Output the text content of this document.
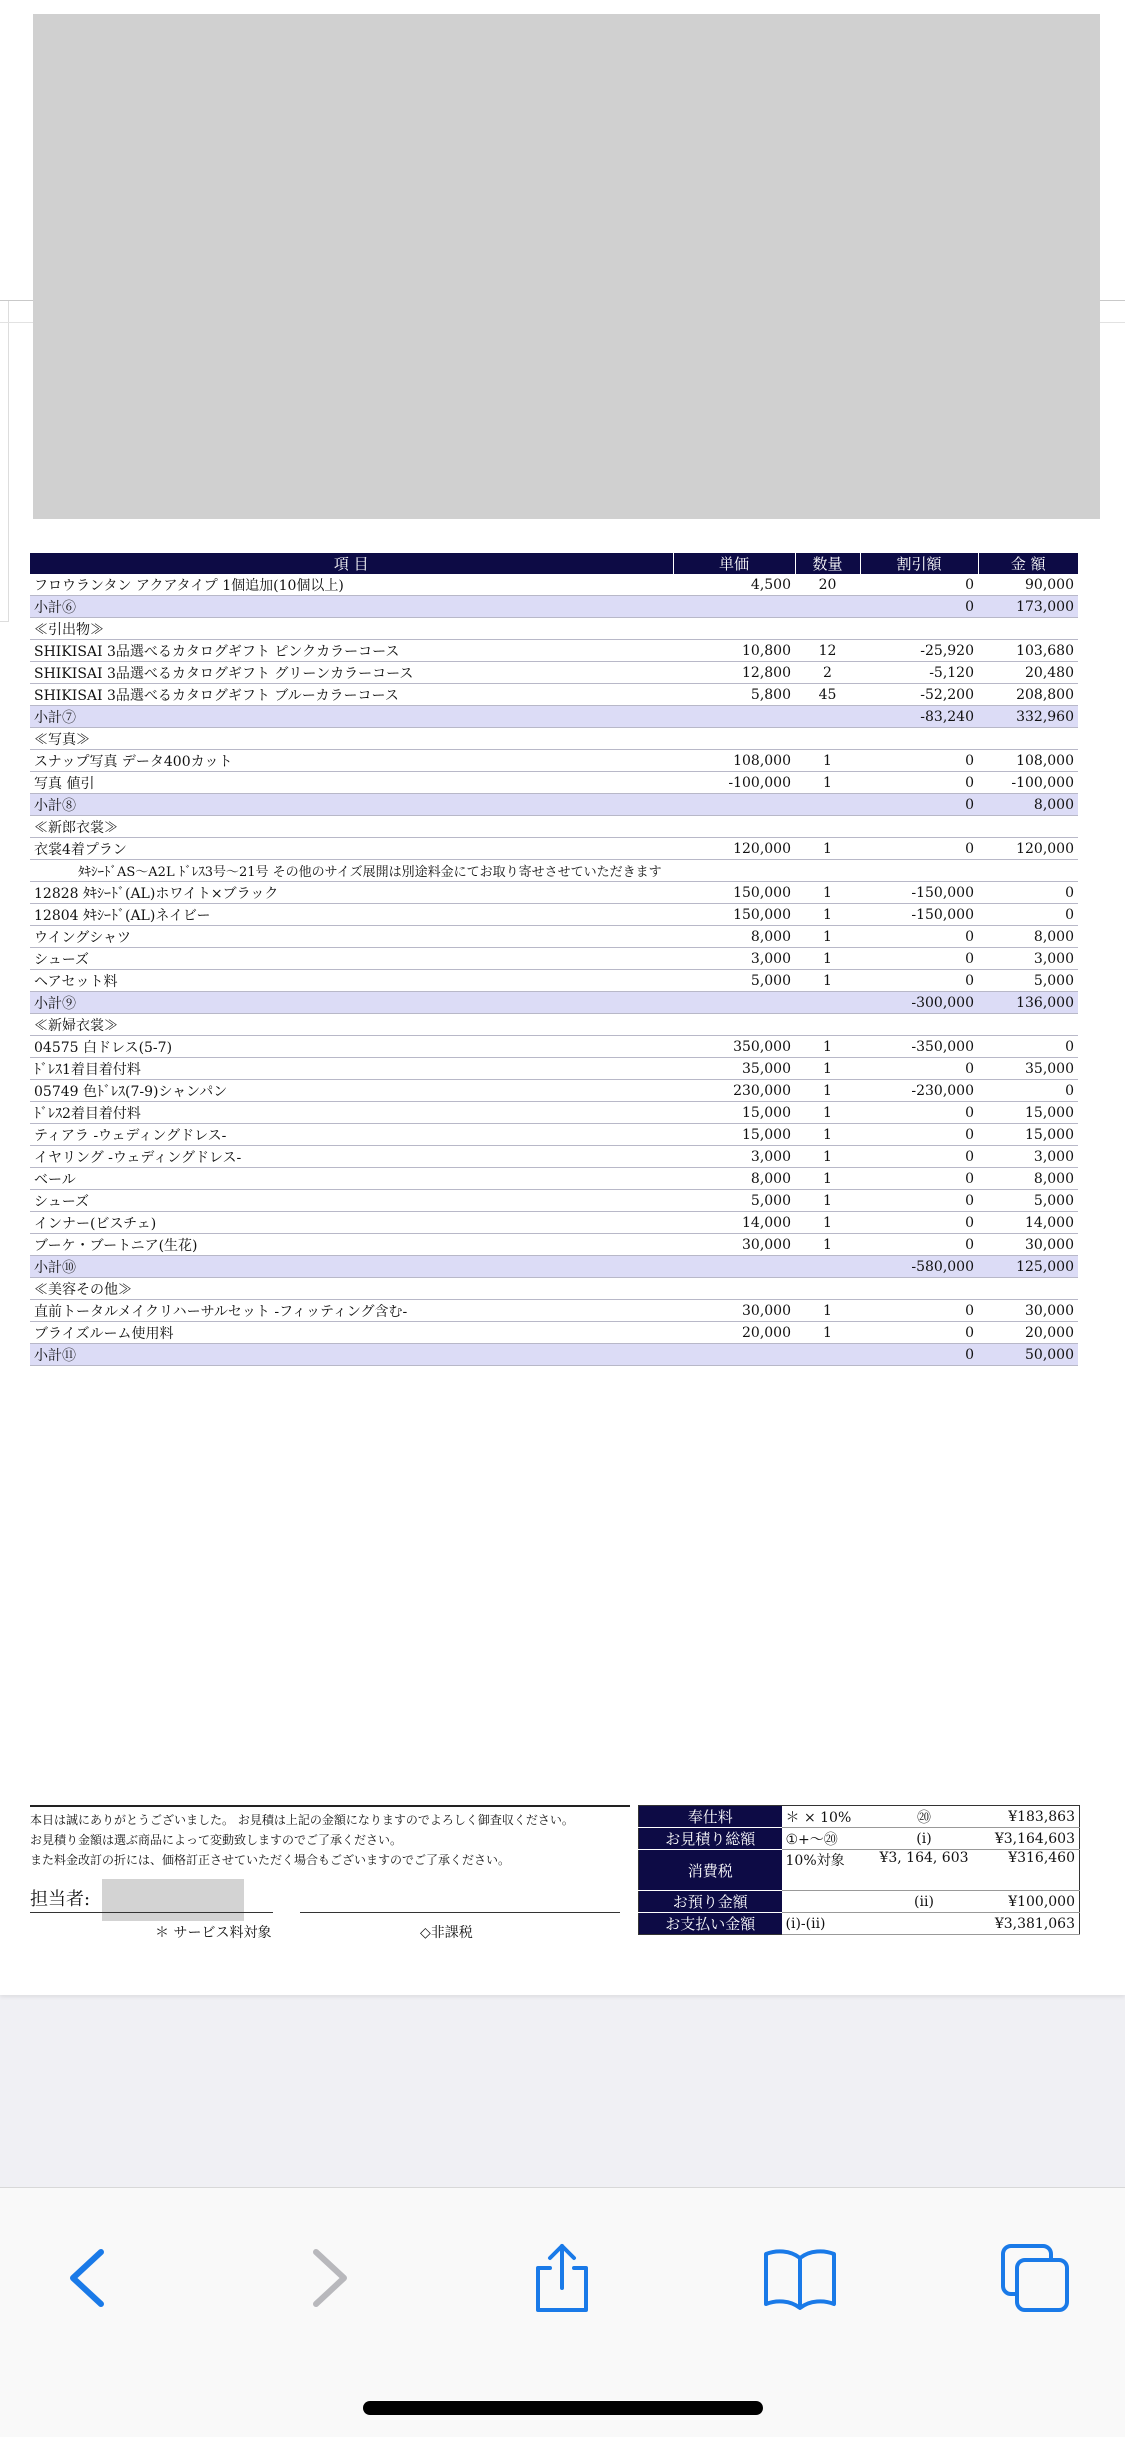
項 目	単価	数量	割引額	金 額
フロウランタン アクアタイプ 1個追加(10個以上)	4,500	20	0	90,000
小計⑥			0	173,000
≪引出物≫				
SHIKISAI 3品選べるカタログギフト ピンクカラーコース	10,800	12	-25,920	103,680
SHIKISAI 3品選べるカタログギフト グリーンカラーコース	12,800	2	-5,120	20,480
SHIKISAI 3品選べるカタログギフト ブルーカラーコース	5,800	45	-52,200	208,800
小計⑦			-83,240	332,960
≪写真≫				
スナップ写真 データ400カット	108,000	1	0	108,000
写真 値引	-100,000	1	0	-100,000
小計⑧			0	8,000
≪新郎衣裳≫				
衣裳4着プラン	120,000	1	0	120,000
ﾀｷｼｰﾄﾞAS〜A2L ﾄﾞﾚｽ3号〜21号 その他のサイズ展開は別途料金にてお取り寄せさせていただきます				
12828 ﾀｷｼｰﾄﾞ(AL)ホワイト×ブラック	150,000	1	-150,000	0
12804 ﾀｷｼｰﾄﾞ(AL)ネイビー	150,000	1	-150,000	0
ウイングシャツ	8,000	1	0	8,000
シューズ	3,000	1	0	3,000
ヘアセット料	5,000	1	0	5,000
小計⑨			-300,000	136,000
≪新婦衣裳≫				
04575 白ドレス(5-7)	350,000	1	-350,000	0
ﾄﾞﾚｽ1着目着付料	35,000	1	0	35,000
05749 色ﾄﾞﾚｽ(7-9)シャンパン	230,000	1	-230,000	0
ﾄﾞﾚｽ2着目着付料	15,000	1	0	15,000
ティアラ -ウェディングドレス-	15,000	1	0	15,000
イヤリング -ウェディングドレス-	3,000	1	0	3,000
ベール	8,000	1	0	8,000
シューズ	5,000	1	0	5,000
インナー(ビスチェ)	14,000	1	0	14,000
ブーケ・ブートニア(生花)	30,000	1	0	30,000
小計⑩			-580,000	125,000
≪美容その他≫				
直前トータルメイクリハーサルセット -フィッティング含む-	30,000	1	0	30,000
ブライズルーム使用料	20,000	1	0	20,000
小計⑪			0	50,000
本日は誠にありがとうございました。 お見積は上記の金額になりますのでよろしく御査収ください。
お見積り金額は選ぶ商品によって変動致しますのでご了承ください。
また料金改訂の折には、価格訂正させていただく場合もございますのでご了承ください。
担当者:
＊ サービス料対象	◇非課税
奉仕料	＊ × 10%	⑳	¥183,863
お見積り総額	①+〜⑳	(ⅰ)	¥3,164,603
消費税	10%対象	¥3, 164, 603	¥316,460
お預り金額		(ⅱ)	¥100,000
お支払い金額	(ⅰ)-(ⅱ)		¥3,381,063
